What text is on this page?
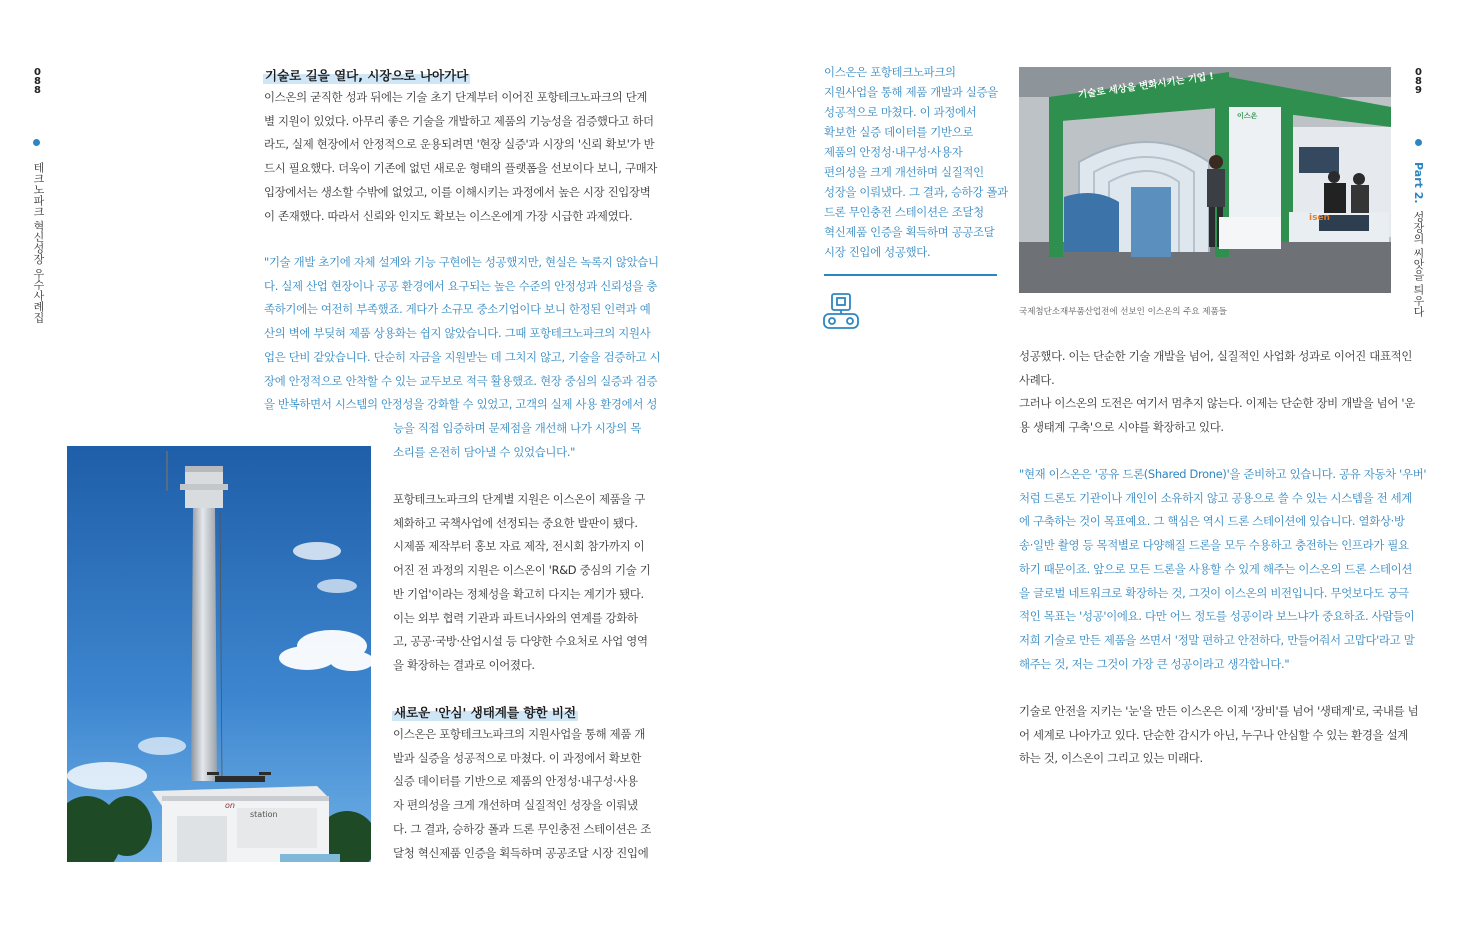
088
테크노파크 혁신성장 우수사례집
기술로 길을 열다, 시장으로 나아가다
이스온의 굳직한 성과 뒤에는 기술 초기 단계부터 이어진 포항테크노파크의 단계
별 지원이 있었다. 아무리 좋은 기술을 개발하고 제품의 기능성을 검증했다고 하더
라도, 실제 현장에서 안정적으로 운용되려면 '현장 실증'과 시장의 '신뢰 확보'가 반
드시 필요했다. 더욱이 기존에 없던 새로운 형태의 플랫폼을 선보이다 보니, 구매자
입장에서는 생소할 수밖에 없었고, 이를 이해시키는 과정에서 높은 시장 진입장벽
이 존재했다. 따라서 신뢰와 인지도 확보는 이스온에게 가장 시급한 과제였다.
"기술 개발 초기에 자체 설계와 기능 구현에는 성공했지만, 현실은 녹록지 않았습니
다. 실제 산업 현장이나 공공 환경에서 요구되는 높은 수준의 안정성과 신뢰성을 충
족하기에는 여전히 부족했죠. 게다가 소규모 중소기업이다 보니 한정된 인력과 예
산의 벽에 부딪혀 제품 상용화는 쉽지 않았습니다. 그때 포항테크노파크의 지원사
업은 단비 같았습니다. 단순히 자금을 지원받는 데 그치지 않고, 기술을 검증하고 시
장에 안정적으로 안착할 수 있는 교두보로 적극 활용했죠. 현장 중심의 실증과 검증
을 반복하면서 시스템의 안정성을 강화할 수 있었고, 고객의 실제 사용 환경에서 성
능을 직접 입증하며 문제점을 개선해 나가 시장의 목
소리를 온전히 담아낼 수 있었습니다."
on
station
포항테크노파크의 단계별 지원은 이스온이 제품을 구
체화하고 국책사업에 선정되는 중요한 발판이 됐다.
시제품 제작부터 홍보 자료 제작, 전시회 참가까지 이
어진 전 과정의 지원은 이스온이 'R&D 중심의 기술 기
반 기업'이라는 정체성을 확고히 다지는 계기가 됐다.
이는 외부 협력 기관과 파트너사와의 연계를 강화하
고, 공공·국방·산업시설 등 다양한 수요처로 사업 영역
을 확장하는 결과로 이어졌다.
새로운 '안심' 생태계를 향한 비전
이스온은 포항테크노파크의 지원사업을 통해 제품 개
발과 실증을 성공적으로 마쳤다. 이 과정에서 확보한
실증 데이터를 기반으로 제품의 안정성·내구성·사용
자 편의성을 크게 개선하며 실질적인 성장을 이뤄냈
다. 그 결과, 승하강 폴과 드론 무인충전 스테이션은 조
달청 혁신제품 인증을 획득하며 공공조달 시장 진입에
089
Part 2. 성장의 씨앗을 틔우다
이스온은 포항테크노파크의
지원사업을 통해 제품 개발과 실증을
성공적으로 마쳤다. 이 과정에서
확보한 실증 데이터를 기반으로
제품의 안정성·내구성·사용자
편의성을 크게 개선하며 실질적인
성장을 이뤄냈다. 그 결과, 승하강 폴과
드론 무인충전 스테이션은 조달청
혁신제품 인증을 획득하며 공공조달
시장 진입에 성공했다.
기술로 세상을 변화시키는 기업 !
isen
이스온
국제첨단소재부품산업전에 선보인 이스온의 주요 제품들
성공했다. 이는 단순한 기술 개발을 넘어, 실질적인 사업화 성과로 이어진 대표적인
사례다.
그러나 이스온의 도전은 여기서 멈추지 않는다. 이제는 단순한 장비 개발을 넘어 '운
용 생태계 구축'으로 시야를 확장하고 있다.
"현재 이스온은 '공유 드론(Shared Drone)'을 준비하고 있습니다. 공유 자동차 '우버'
처럼 드론도 기관이나 개인이 소유하지 않고 공용으로 쓸 수 있는 시스템을 전 세계
에 구축하는 것이 목표예요. 그 핵심은 역시 드론 스테이션에 있습니다. 열화상·방
송·일반 촬영 등 목적별로 다양해질 드론을 모두 수용하고 충전하는 인프라가 필요
하기 때문이죠. 앞으로 모든 드론을 사용할 수 있게 해주는 이스온의 드론 스테이션
을 글로벌 네트워크로 확장하는 것, 그것이 이스온의 비전입니다. 무엇보다도 궁극
적인 목표는 '성공'이에요. 다만 어느 정도를 성공이라 보느냐가 중요하죠. 사람들이
저희 기술로 만든 제품을 쓰면서 '정말 편하고 안전하다, 만들어줘서 고맙다'라고 말
해주는 것, 저는 그것이 가장 큰 성공이라고 생각합니다."
기술로 안전을 지키는 '눈'을 만든 이스온은 이제 '장비'를 넘어 '생태계'로, 국내를 넘
어 세계로 나아가고 있다. 단순한 감시가 아닌, 누구나 안심할 수 있는 환경을 설계
하는 것, 이스온이 그리고 있는 미래다.
